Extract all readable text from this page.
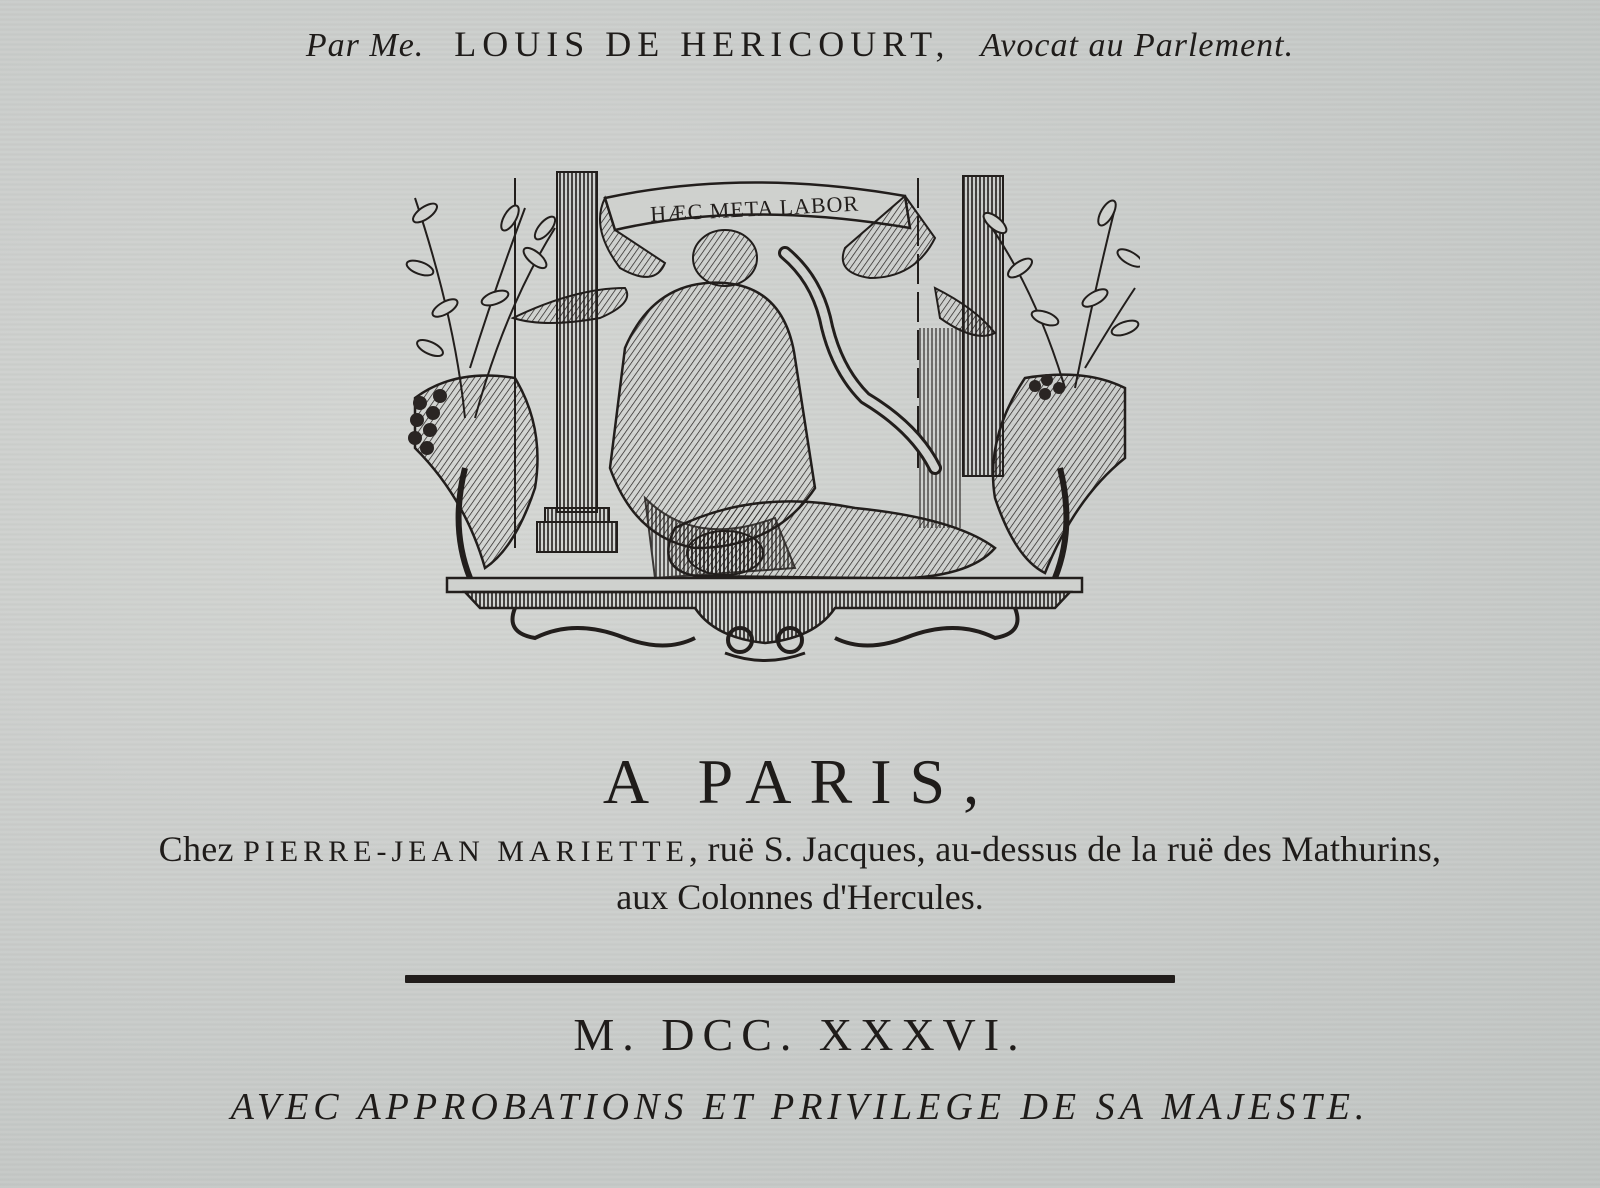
Par Me. LOUIS DE HERICOURT, Avocat au Parlement.
HÆC META LABOR
A PARIS,
Chez PIERRE-JEAN MARIETTE, ruë S. Jacques, au-dessus de la ruë des Mathurins,
aux Colonnes d'Hercules.
M. DCC. XXXVI.
AVEC APPROBATIONS ET PRIVILEGE DE SA MAJESTE.
